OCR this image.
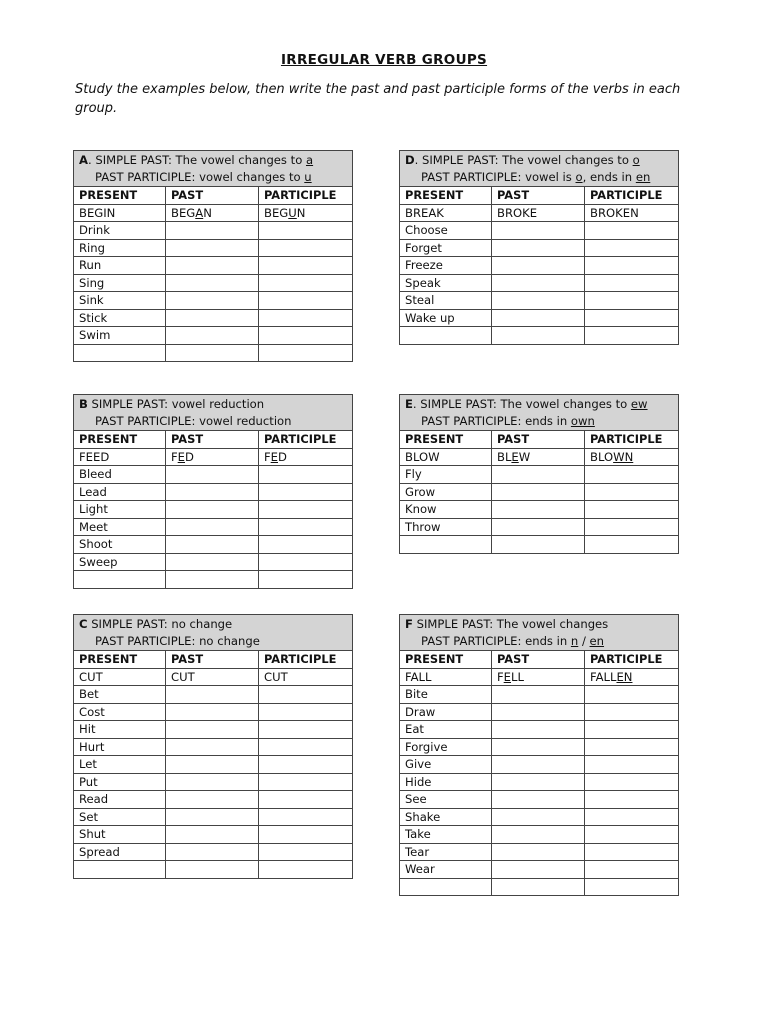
IRREGULAR VERB GROUPS
Study the examples below, then write the past and past participle forms of the verbs in each group.
A. SIMPLE PAST: The vowel changes to a
PAST PARTICIPLE: vowel changes to u		

PRESENT	PAST	PARTICIPLE
BEGIN	BEGAN	BEGUN
Drink		
Ring		
Run		
Sing		
Sink		
Stick		
Swim		

B SIMPLE PAST: vowel reduction
PAST PARTICIPLE: vowel reduction		

PRESENT	PAST	PARTICIPLE
FEED	FED	FED
Bleed		
Lead		
Light		
Meet		
Shoot		
Sweep		

C SIMPLE PAST: no change
PAST PARTICIPLE: no change		

PRESENT	PAST	PARTICIPLE
CUT	CUT	CUT
Bet		
Cost		
Hit		
Hurt		
Let		
Put		
Read		
Set		
Shut		
Spread		

D. SIMPLE PAST: The vowel changes to o
PAST PARTICIPLE: vowel is o, ends in en		

PRESENT	PAST	PARTICIPLE
BREAK	BROKE	BROKEN
Choose		
Forget		
Freeze		
Speak		
Steal		
Wake up		

E. SIMPLE PAST: The vowel changes to ew
PAST PARTICIPLE: ends in own		

PRESENT	PAST	PARTICIPLE
BLOW	BLEW	BLOWN
Fly		
Grow		
Know		
Throw		

F SIMPLE PAST: The vowel changes
PAST PARTICIPLE: ends in n / en		

PRESENT	PAST	PARTICIPLE
FALL	FELL	FALLEN
Bite		
Draw		
Eat		
Forgive		
Give		
Hide		
See		
Shake		
Take		
Tear		
Wear		
